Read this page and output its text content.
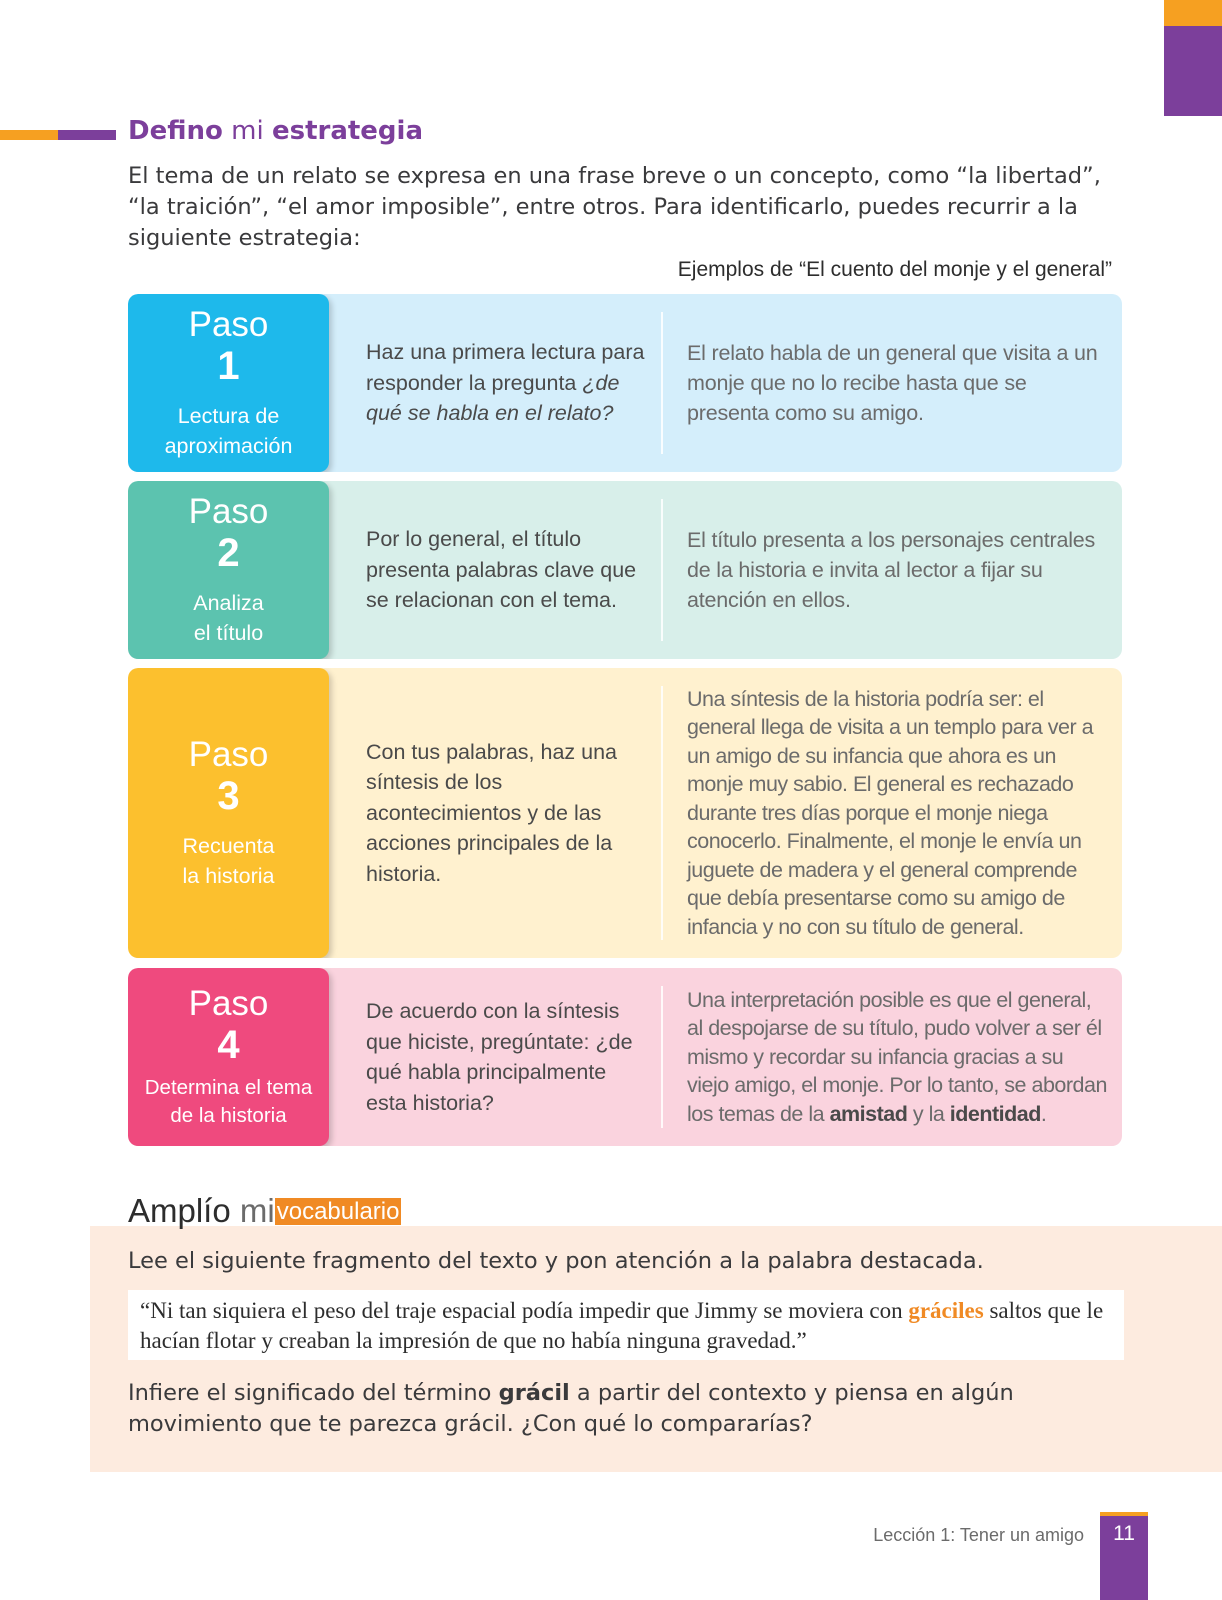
Defino mi estrategia

El tema de un relato se expresa en una frase breve o un concepto, como “la libertad”, “la traición”, “el amor imposible”, entre otros. Para identificarlo, puedes recurrir a la siguiente estrategia:

Ejemplos de “El cuento del monje y el general”
Paso
1
Lectura de
aproximación
Haz una primera lectura para responder la pregunta ¿de qué se habla en el relato?
El relato habla de un general que visita a un monje que no lo recibe hasta que se presenta como su amigo.
Paso
2
Analiza
el título
Por lo general, el título presenta palabras clave que se relacionan con el tema.
El título presenta a los personajes centrales de la historia e invita al lector a fijar su atención en ellos.
Paso
3
Recuenta
la historia
Con tus palabras, haz una síntesis de los acontecimientos y de las acciones principales de la historia.
Una síntesis de la historia podría ser: el general llega de visita a un templo para ver a un amigo de su infancia que ahora es un monje muy sabio. El general es rechazado durante tres días porque el monje niega conocerlo. Finalmente, el monje le envía un juguete de madera y el general comprende que debía presentarse como su amigo de infancia y no con su título de general.
Paso
4
Determina el tema
de la historia
De acuerdo con la síntesis que hiciste, pregúntate: ¿de qué habla principalmente esta historia?
Una interpretación posible es que el general, al despojarse de su título, pudo volver a ser él mismo y recordar su infancia gracias a su viejo amigo, el monje. Por lo tanto, se abordan los temas de la amistad y la identidad.
Amplío mivocabulario
Lee el siguiente fragmento del texto y pon atención a la palabra destacada.

“Ni tan siquiera el peso del traje espacial podía impedir que Jimmy se moviera con gráciles saltos que le hacían flotar y creaban la impresión de que no había ninguna gravedad.”

Infiere el significado del término grácil a partir del contexto y piensa en algún movimiento que te parezca grácil. ¿Con qué lo compararías?

Lección 1: Tener un amigo	11
